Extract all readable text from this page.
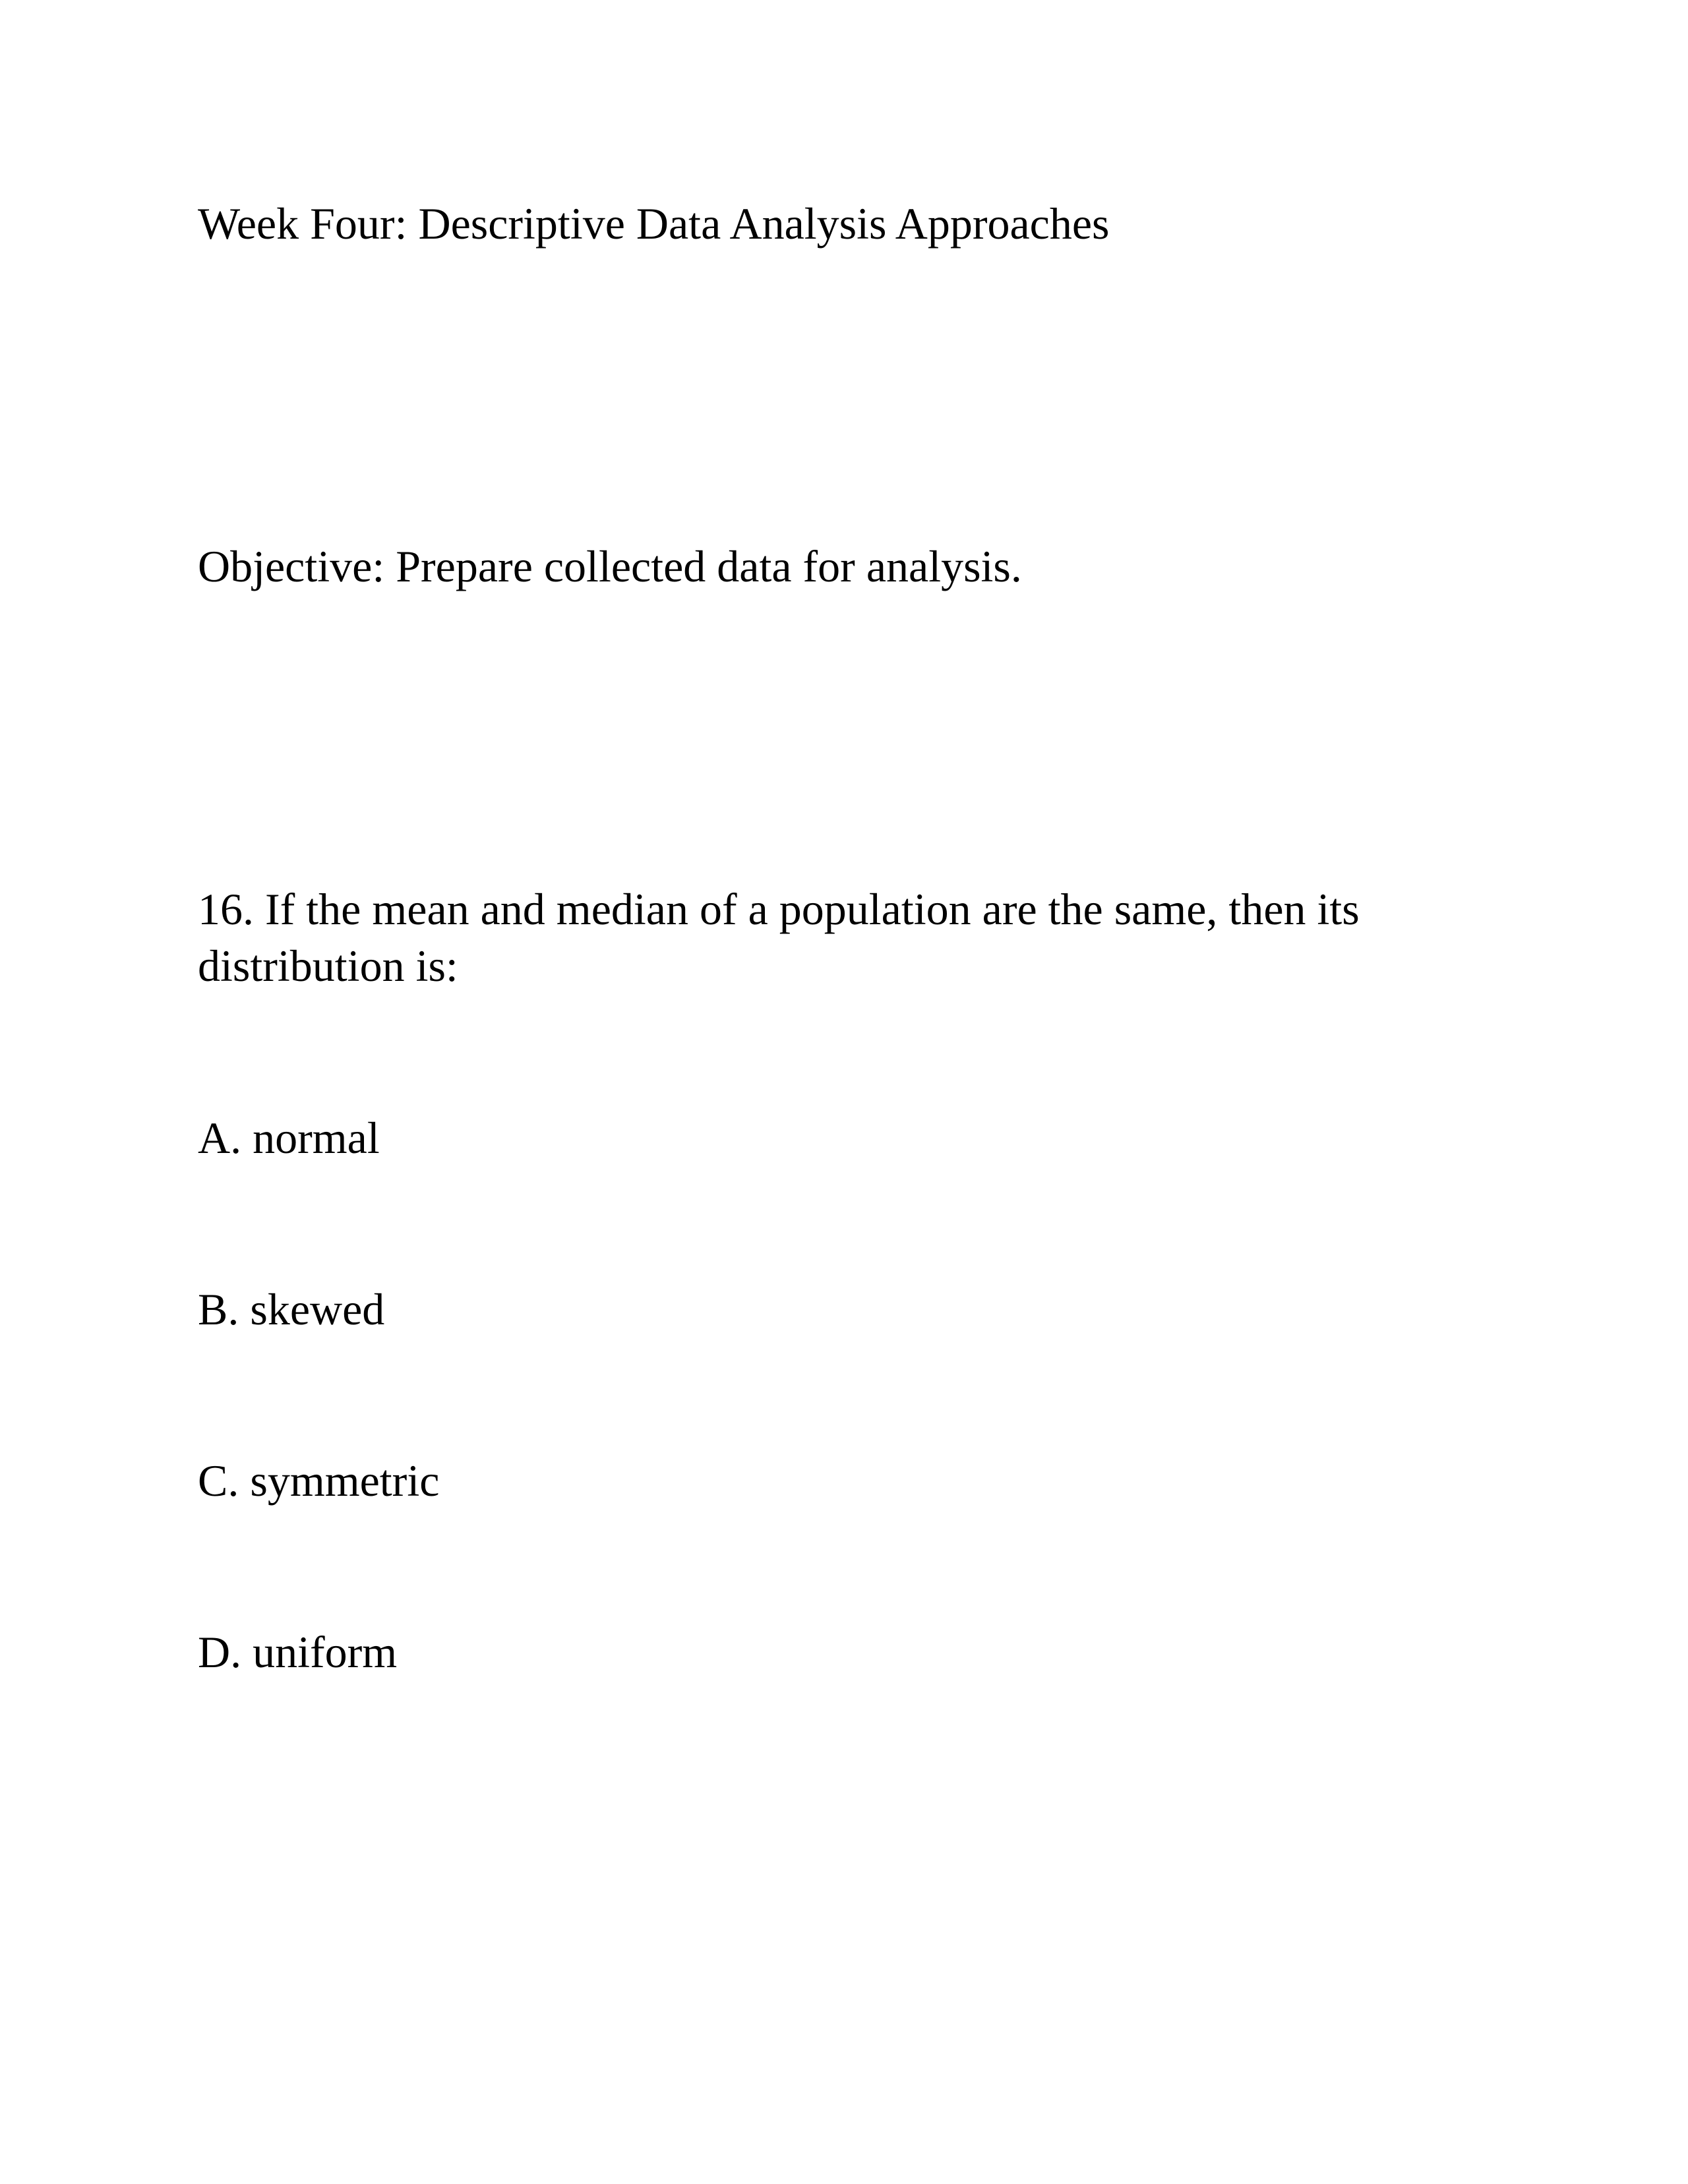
Week Four: Descriptive Data Analysis Approaches

Objective: Prepare collected data for analysis.

16. If the mean and median of a population are the same, then its
distribution is:

A. normal

B. skewed

C. symmetric

D. uniform
